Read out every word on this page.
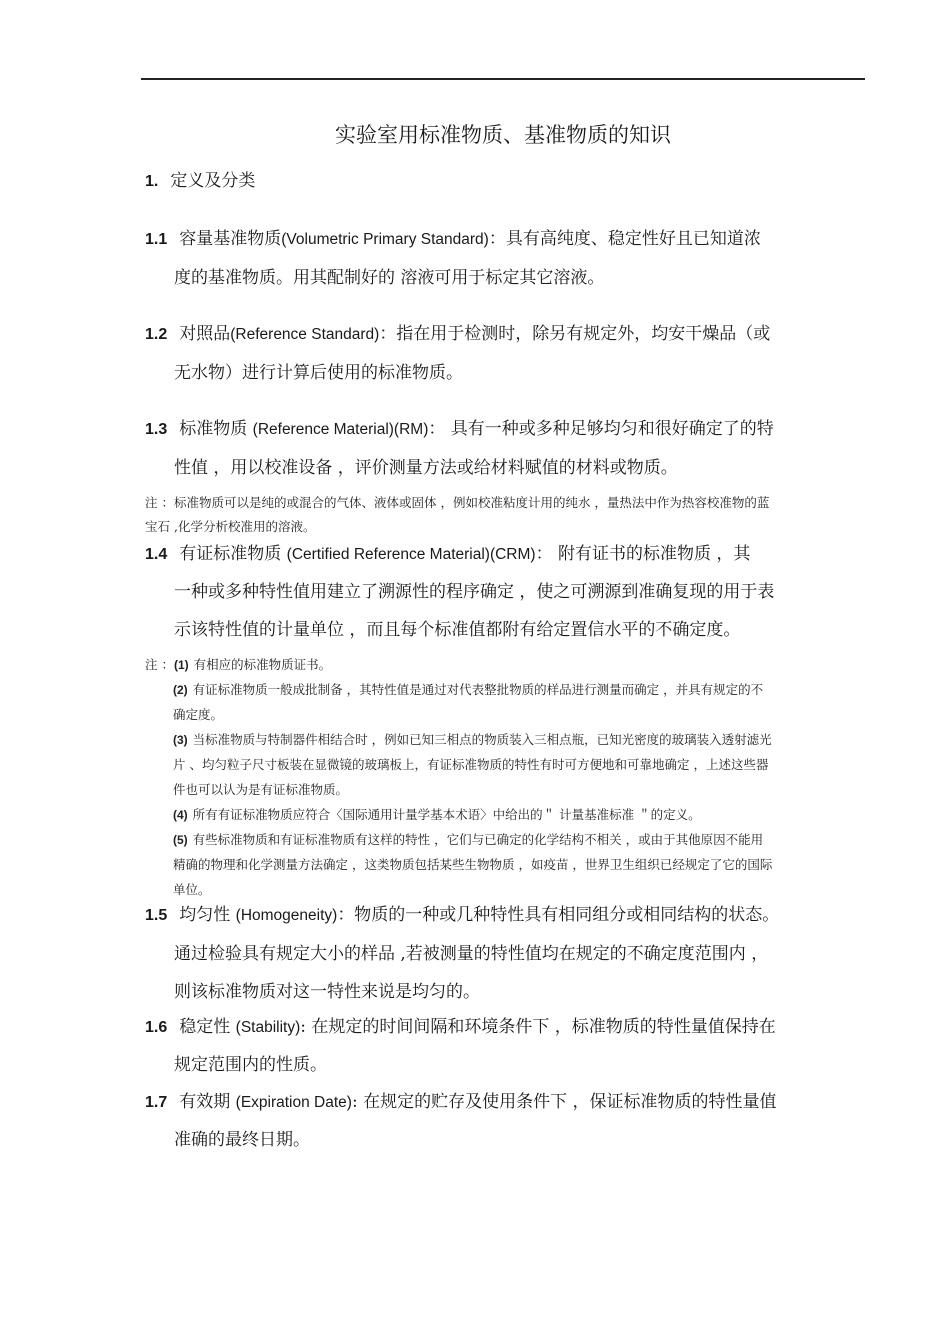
实验室用标准物质、基准物质的知识
1. 定义及分类
1.1 容量基准物质(Volumetric Primary Standard)：具有高纯度、稳定性好且已知道浓
度的基准物质。用其配制好的 溶液可用于标定其它溶液。
1.2 对照品(Reference Standard)：指在用于检测时，除另有规定外，均安干燥品（或
无水物）进行计算后使用的标准物质。
1.3 标准物质 (Reference Material)(RM)： 具有一种或多种足够均匀和很好确定了的特
性值 ，用以校准设备 ，评价测量方法或给材料赋值的材料或物质。
注 ：标准物质可以是纯的或混合的气体、液体或固体 ，例如校准粘度计用的纯水 ，量热法中作为热容校准物的蓝
宝石 ,化学分析校准用的溶液。
1.4 有证标准物质 (Certified Reference Material)(CRM)： 附有证书的标准物质 ，其
一种或多种特性值用建立了溯源性的程序确定 ，使之可溯源到准确复现的用于表
示该特性值的计量单位 ，而且每个标准值都附有给定置信水平的不确定度。
注 ：(1) 有相应的标准物质证书。
(2) 有证标准物质一般成批制备 ，其特性值是通过对代表整批物质的样品进行测量而确定 ，并具有规定的不
确定度。
(3) 当标准物质与特制器件相结合时 ，例如已知三相点的物质装入三相点瓶，已知光密度的玻璃装入透射滤光
片 、均匀粒子尺寸板装在显微镜的玻璃板上，有证标准物质的特性有时可方便地和可靠地确定 ，上述这些器
件也可以认为是有证标准物质。
(4) 所有有证标准物质应符合〈国际通用计量学基本术语〉中给出的＂ 计量基准标准 ＂的定义。
(5) 有些标准物质和有证标准物质有这样的特性 ，它们与已确定的化学结构不相关 ，或由于其他原因不能用
精确的物理和化学测量方法确定 ，这类物质包括某些生物物质 ，如疫苗 ，世界卫生组织已经规定了它的国际
单位。
1.5 均匀性 (Homogeneity)：物质的一种或几种特性具有相同组分或相同结构的状态。
通过检验具有规定大小的样品 ,若被测量的特性值均在规定的不确定度范围内 ，
则该标准物质对这一特性来说是均匀的。
1.6 稳定性 (Stability): 在规定的时间间隔和环境条件下 ，标准物质的特性量值保持在
规定范围内的性质。
1.7 有效期 (Expiration Date): 在规定的贮存及使用条件下 ，保证标准物质的特性量值
准确的最终日期。
